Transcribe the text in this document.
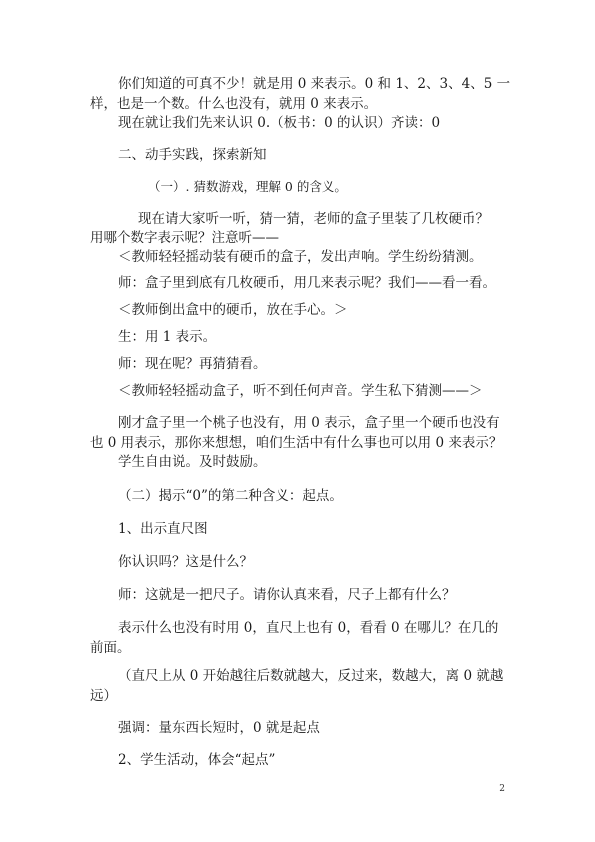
你们知道的可真不少！就是用 0 来表示。0 和 1、2、3、4、5 一
样，也是一个数。什么也没有，就用 0 来表示。
现在就让我们先来认识 0.（板书：0 的认识）齐读：0
二、动手实践，探索新知
（一）. 猜数游戏，理解 0 的含义。
现在请大家听一听，猜一猜，老师的盒子里装了几枚硬币？
用哪个数字表示呢？注意听——
＜教师轻轻摇动装有硬币的盒子，发出声响。学生纷纷猜测。
师：盒子里到底有几枚硬币，用几来表示呢？我们——看一看。
＜教师倒出盒中的硬币，放在手心。＞
生：用 1 表示。
师：现在呢？再猜猜看。
＜教师轻轻摇动盒子，听不到任何声音。学生私下猜测——＞
刚才盒子里一个桃子也没有，用 0 表示，盒子里一个硬币也没有
也 0 用表示，那你来想想，咱们生活中有什么事也可以用 0 来表示？
学生自由说。及时鼓励。
（二）揭示“0”的第二种含义：起点。
1、出示直尺图
你认识吗？这是什么？
师：这就是一把尺子。请你认真来看，尺子上都有什么？
表示什么也没有时用 0，直尺上也有 0，看看 0 在哪儿？在几的
前面。
（直尺上从 0 开始越往后数就越大，反过来，数越大，离 0 就越
远）
强调：量东西长短时，0 就是起点
2、学生活动，体会“起点”
2
